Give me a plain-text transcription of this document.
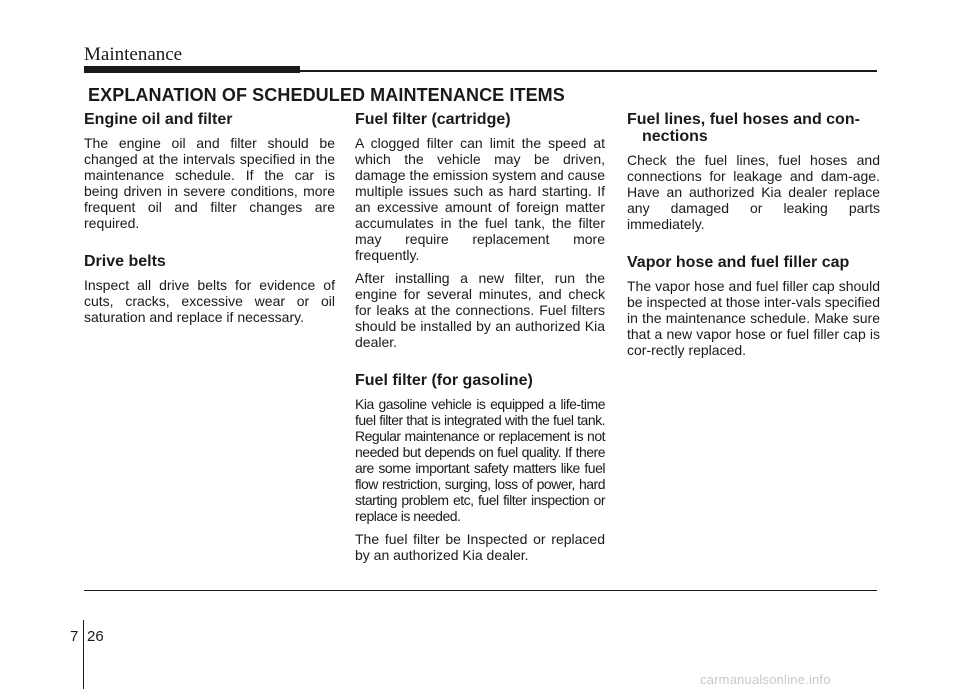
Maintenance
EXPLANATION OF SCHEDULED MAINTENANCE ITEMS
Engine oil and filter

The engine oil and filter should be changed at the intervals specified in the maintenance schedule. If the car is being driven in severe conditions, more frequent oil and filter changes are required.

Drive belts

Inspect all drive belts for evidence of cuts, cracks, excessive wear or oil saturation and replace if necessary.

Fuel filter (cartridge)

A clogged filter can limit the speed at which the vehicle may be driven, damage the emission system and cause multiple issues such as hard starting. If an excessive amount of foreign matter accumulates in the fuel tank, the filter may require replacement more frequently.

After installing a new filter, run the engine for several minutes, and check for leaks at the connections. Fuel filters should be installed by an authorized Kia dealer.

Fuel filter (for gasoline)

Kia gasoline vehicle is equipped a life-time fuel filter that is integrated with the fuel tank. Regular maintenance or replacement is not needed but depends on fuel quality. If there are some important safety matters like fuel flow restriction, surging, loss of power, hard starting problem etc, fuel filter inspection or replace is needed.

The fuel filter be Inspected or replaced by an authorized Kia dealer.

Fuel lines, fuel hoses and con-
nections

Check the fuel lines, fuel hoses and connections for leakage and dam-age. Have an authorized Kia dealer replace any damaged or leaking parts immediately.

Vapor hose and fuel filler cap

The vapor hose and fuel filler cap should be inspected at those inter-vals specified in the maintenance schedule. Make sure that a new vapor hose or fuel filler cap is cor-rectly replaced.

7 26
carmanualsonline.info
